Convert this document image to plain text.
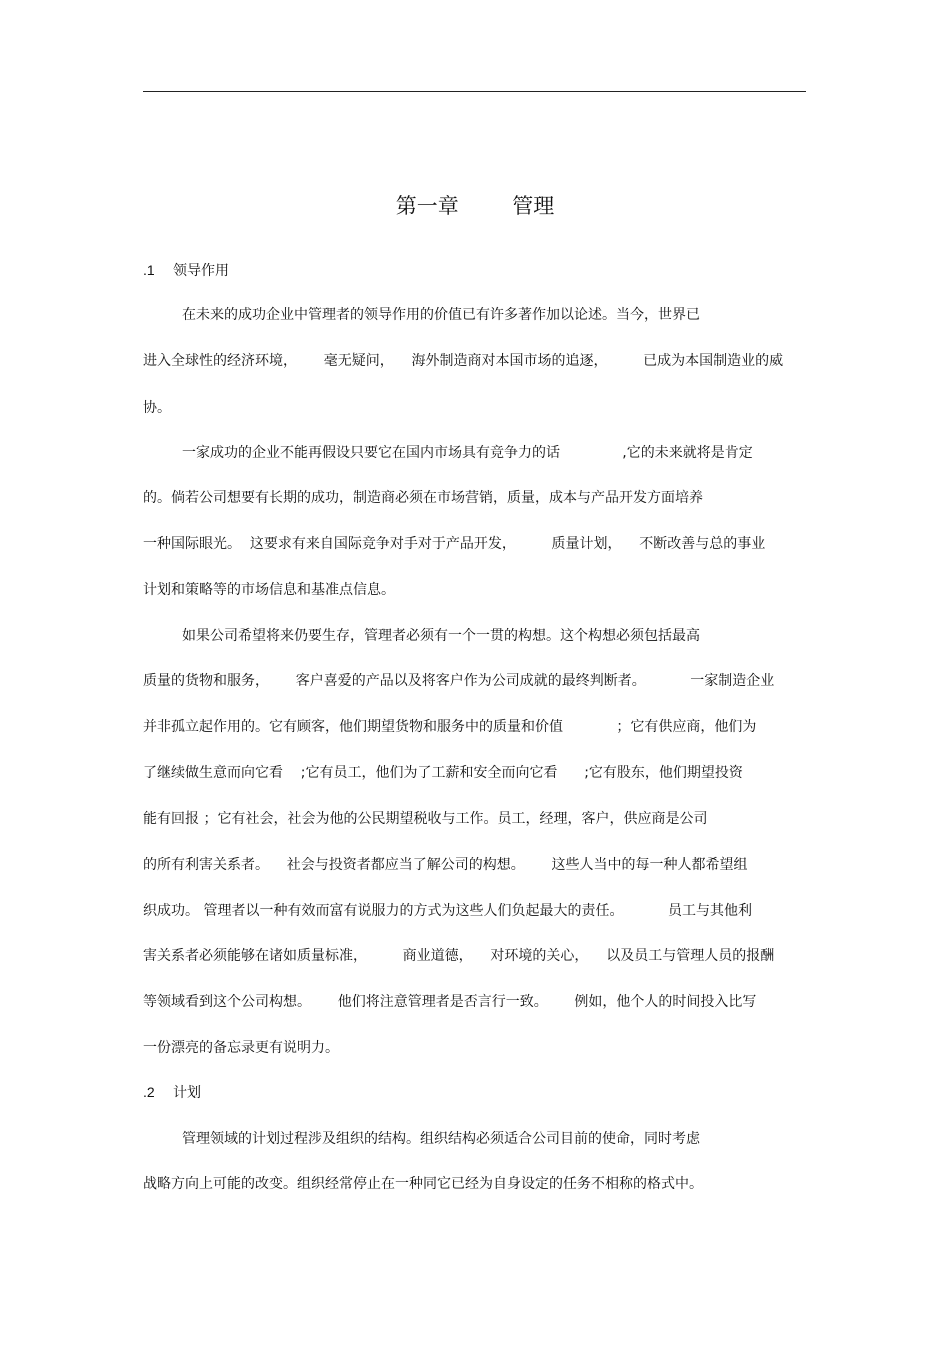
第一章        管理
.1 领导作用
在未来的成功企业中管理者的领导作用的价值已有许多著作加以论述。当今，世界已
进入全球性的经济环境，      毫无疑问，    海外制造商对本国市场的追逐，        已成为本国制造业的威
协。
一家成功的企业不能再假设只要它在国内市场具有竞争力的话              ,它的未来就将是肯定
的。倘若公司想要有长期的成功，制造商必须在市场营销，质量，成本与产品开发方面培养
一种国际眼光。  这要求有来自国际竞争对手对于产品开发，        质量计划，    不断改善与总的事业
计划和策略等的市场信息和基准点信息。
如果公司希望将来仍要生存，管理者必须有一个一贯的构想。这个构想必须包括最高
质量的货物和服务，      客户喜爱的产品以及将客户作为公司成就的最终判断者。          一家制造企业
并非孤立起作用的。它有顾客，他们期望货物和服务中的质量和价值            ；它有供应商，他们为
了继续做生意而向它看    ;它有员工，他们为了工薪和安全而向它看      ;它有股东，他们期望投资
能有回报 ；它有社会，社会为他的公民期望税收与工作。员工，经理，客户，供应商是公司
的所有利害关系者。    社会与投资者都应当了解公司的构想。      这些人当中的每一种人都希望组
织成功。 管理者以一种有效而富有说服力的方式为这些人们负起最大的责任。          员工与其他利
害关系者必须能够在诸如质量标准，        商业道德，    对环境的关心，    以及员工与管理人员的报酬
等领域看到这个公司构想。      他们将注意管理者是否言行一致。      例如，他个人的时间投入比写
一份漂亮的备忘录更有说明力。
.2 计划
管理领域的计划过程涉及组织的结构。组织结构必须适合公司目前的使命，同时考虑
战略方向上可能的改变。组织经常停止在一种同它已经为自身设定的任务不相称的格式中。
